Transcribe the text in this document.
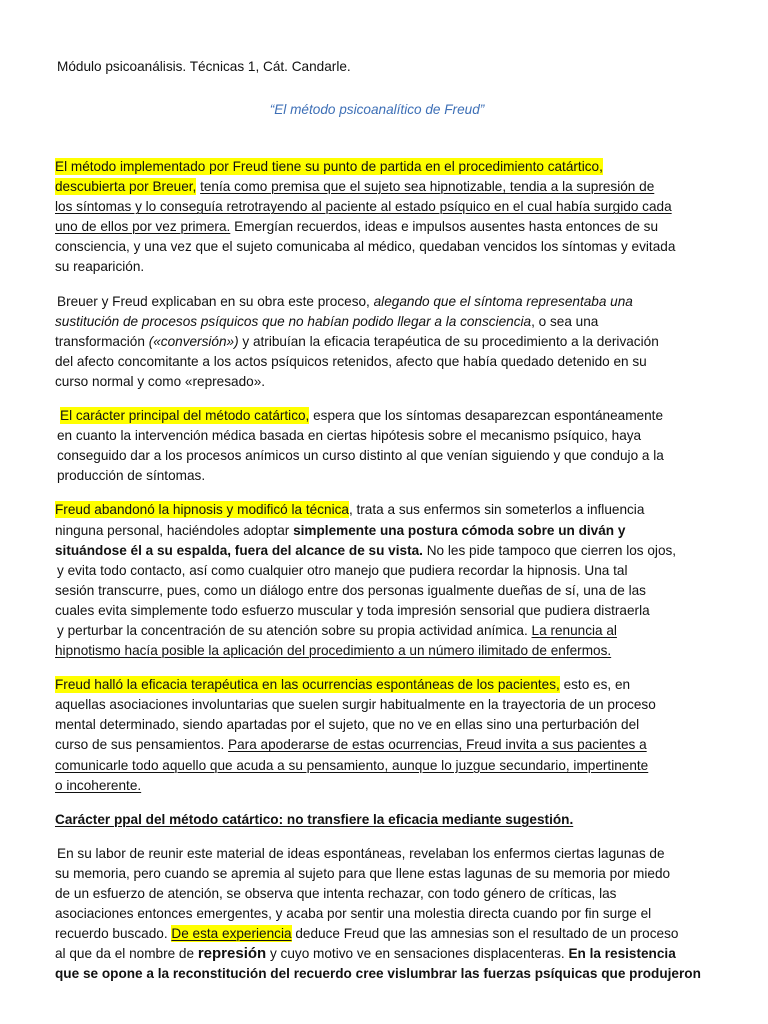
Módulo psicoanálisis. Técnicas 1, Cát. Candarle.
“El método psicoanalítico de Freud”
El método implementado por Freud tiene su punto de partida en el procedimiento catártico,
descubierta por Breuer, tenía como premisa que el sujeto sea hipnotizable, tendia a la supresión de
los síntomas y lo conseguía retrotrayendo al paciente al estado psíquico en el cual había surgido cada
uno de ellos por vez primera. Emergían recuerdos, ideas e impulsos ausentes hasta entonces de su
consciencia, y una vez que el sujeto comunicaba al médico, quedaban vencidos los síntomas y evitada
su reaparición.
Breuer y Freud explicaban en su obra este proceso, alegando que el síntoma representaba una
sustitución de procesos psíquicos que no habían podido llegar a la consciencia, o sea una
transformación («conversión») y atribuían la eficacia terapéutica de su procedimiento a la derivación
del afecto concomitante a los actos psíquicos retenidos, afecto que había quedado detenido en su
curso normal y como «represado».
El carácter principal del método catártico, espera que los síntomas desaparezcan espontáneamente
en cuanto la intervención médica basada en ciertas hipótesis sobre el mecanismo psíquico, haya
conseguido dar a los procesos anímicos un curso distinto al que venían siguiendo y que condujo a la
producción de síntomas.
Freud abandonó la hipnosis y modificó la técnica, trata a sus enfermos sin someterlos a influencia
ninguna personal, haciéndoles adoptar simplemente una postura cómoda sobre un diván y
situándose él a su espalda, fuera del alcance de su vista. No les pide tampoco que cierren los ojos,
y evita todo contacto, así como cualquier otro manejo que pudiera recordar la hipnosis. Una tal
sesión transcurre, pues, como un diálogo entre dos personas igualmente dueñas de sí, una de las
cuales evita simplemente todo esfuerzo muscular y toda impresión sensorial que pudiera distraerla
y perturbar la concentración de su atención sobre su propia actividad anímica. La renuncia al
hipnotismo hacía posible la aplicación del procedimiento a un número ilimitado de enfermos.
Freud halló la eficacia terapéutica en las ocurrencias espontáneas de los pacientes, esto es, en
aquellas asociaciones involuntarias que suelen surgir habitualmente en la trayectoria de un proceso
mental determinado, siendo apartadas por el sujeto, que no ve en ellas sino una perturbación del
curso de sus pensamientos. Para apoderarse de estas ocurrencias, Freud invita a sus pacientes a
comunicarle todo aquello que acuda a su pensamiento, aunque lo juzgue secundario, impertinente
o incoherente.
Carácter ppal del método catártico: no transfiere la eficacia mediante sugestión.
En su labor de reunir este material de ideas espontáneas, revelaban los enfermos ciertas lagunas de
su memoria, pero cuando se apremia al sujeto para que llene estas lagunas de su memoria por miedo
de un esfuerzo de atención, se observa que intenta rechazar, con todo género de críticas, las
asociaciones entonces emergentes, y acaba por sentir una molestia directa cuando por fin surge el
recuerdo buscado. De esta experiencia deduce Freud que las amnesias son el resultado de un proceso
al que da el nombre de represión y cuyo motivo ve en sensaciones displacenteras. En la resistencia
que se opone a la reconstitución del recuerdo cree vislumbrar las fuerzas psíquicas que produjeron
